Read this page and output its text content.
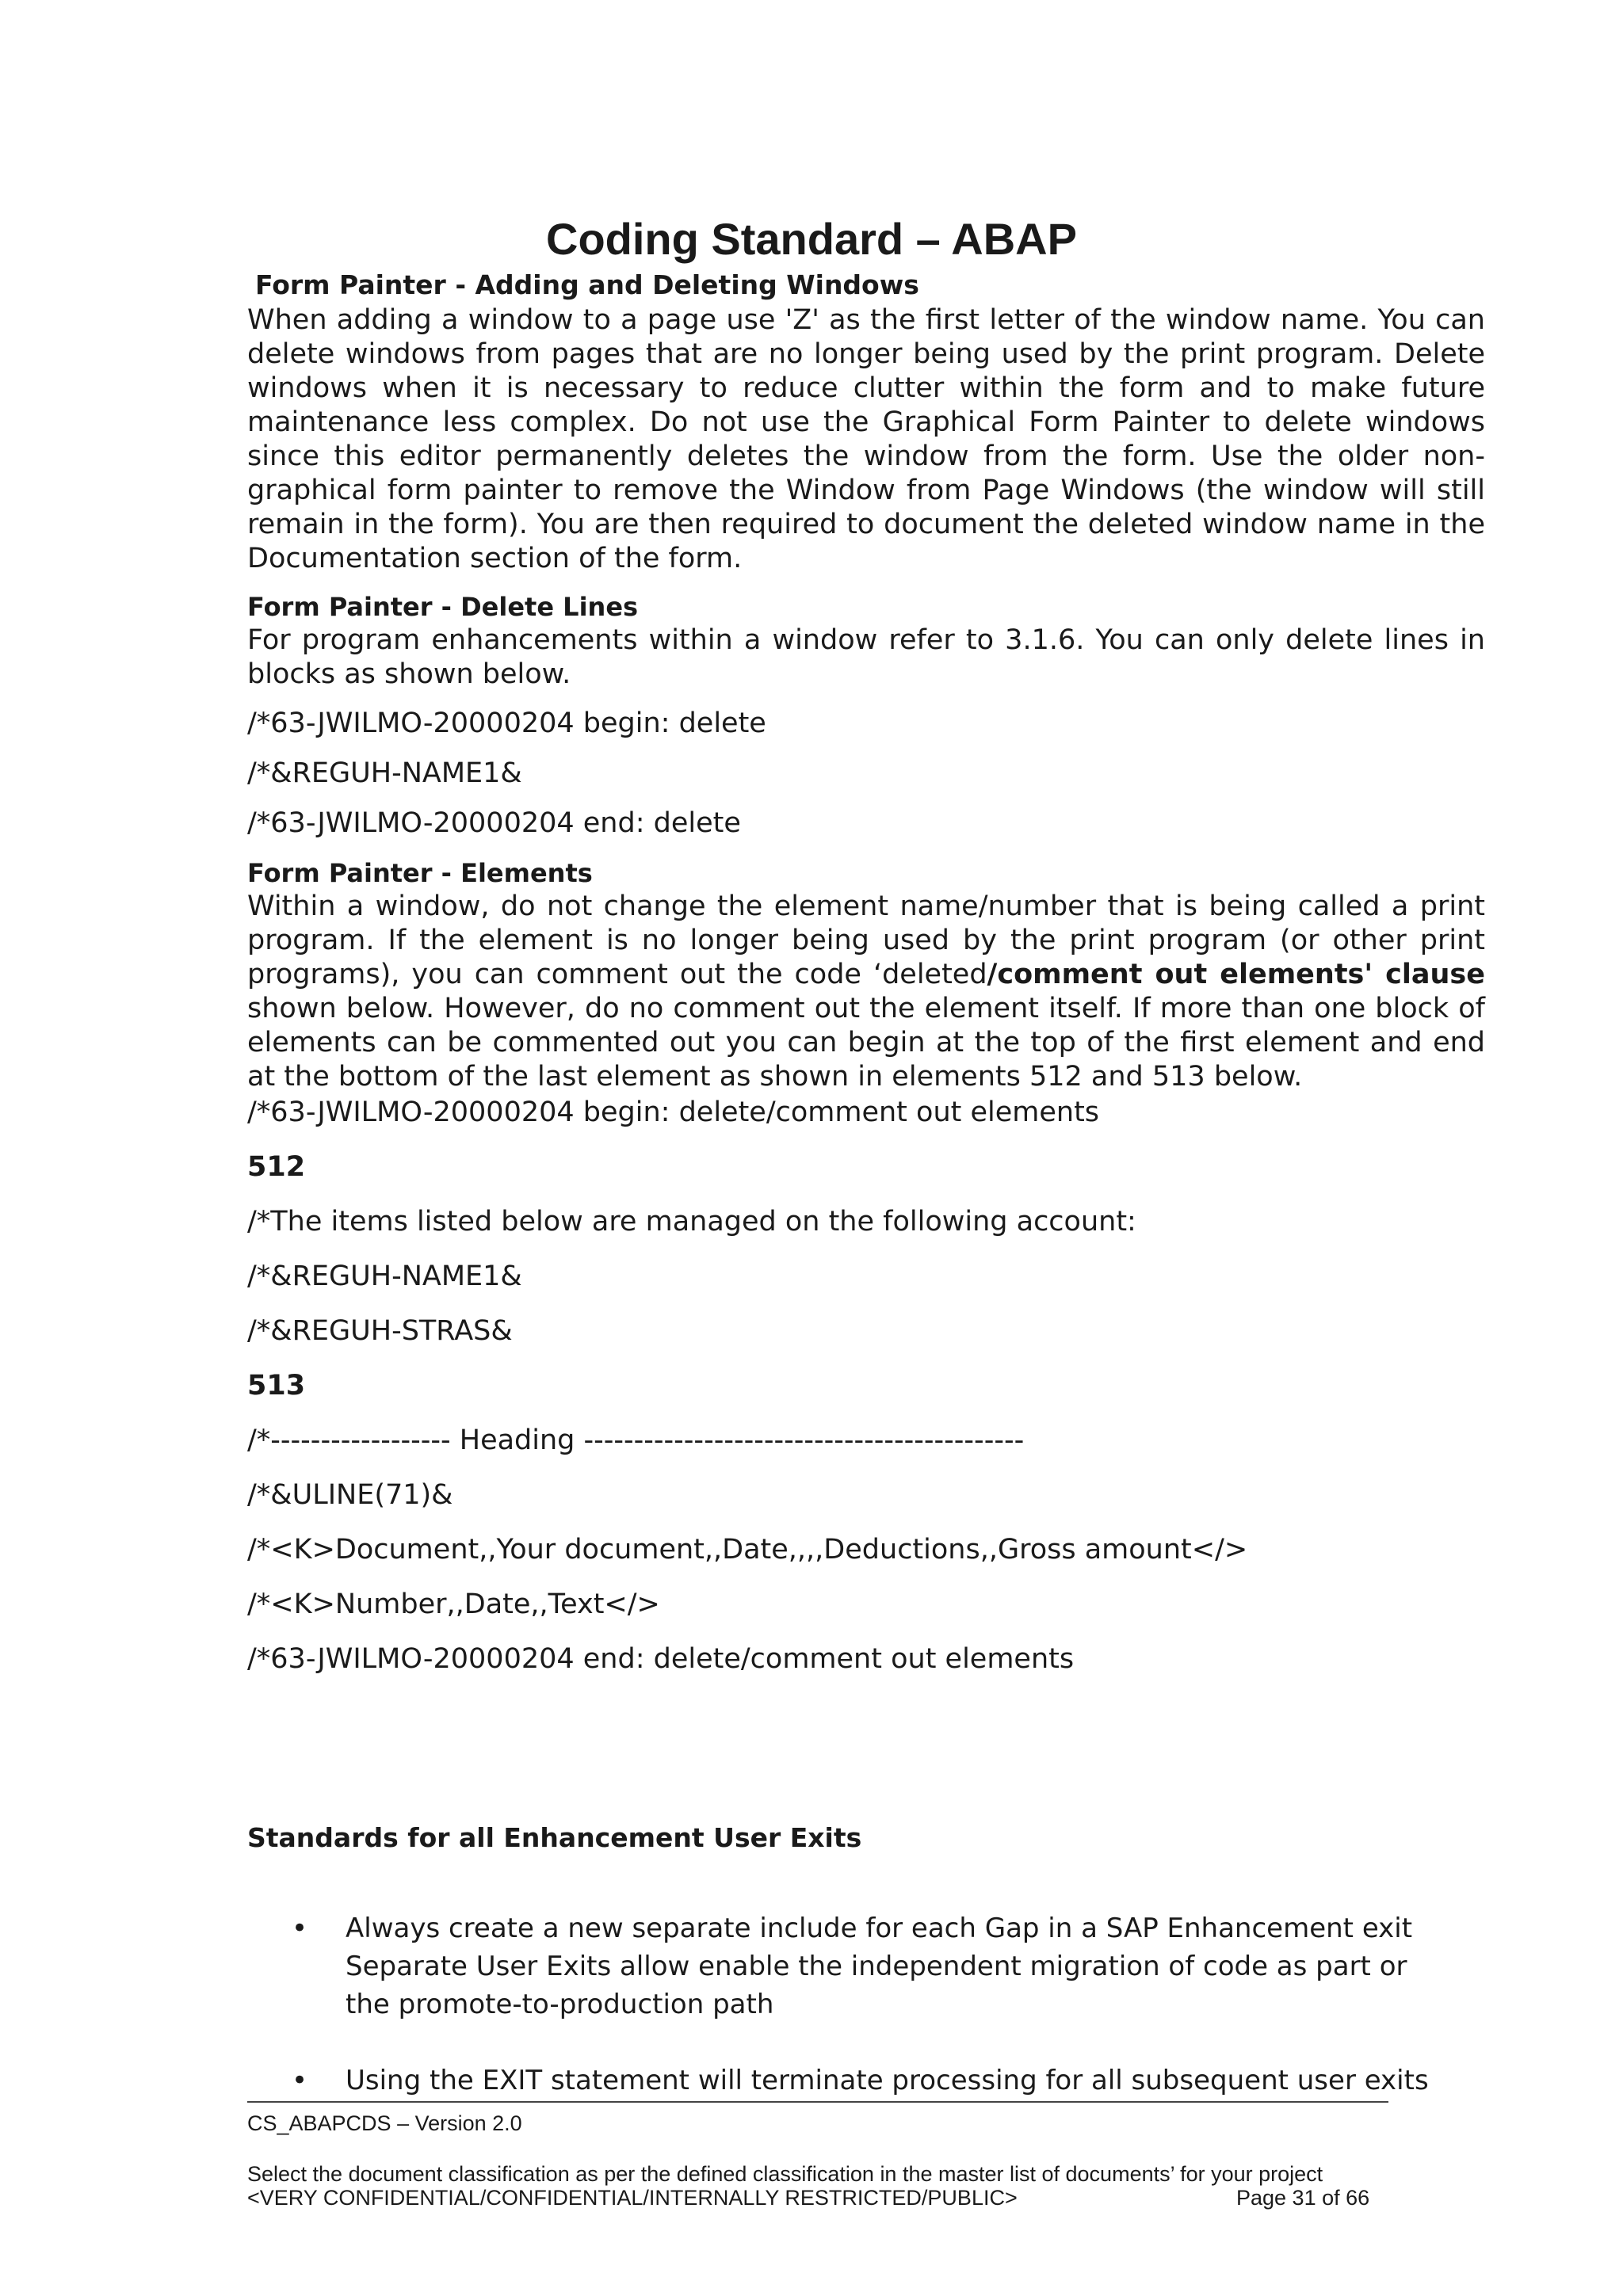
Coding Standard – ABAP
Form Painter - Adding and Deleting Windows

When adding a window to a page use 'Z' as the first letter of the window name. You can delete windows from pages that are no longer being used by the print program. Delete windows when it is necessary to reduce clutter within the form and to make future maintenance less complex. Do not use the Graphical Form Painter to delete windows since this editor permanently deletes the window from the form. Use the older non-graphical form painter to remove the Window from Page Windows (the window will still remain in the form). You are then required to document the deleted window name in the Documentation section of the form.

Form Painter - Delete Lines

For program enhancements within a window refer to 3.1.6. You can only delete lines in blocks as shown below.

/*63-JWILMO-20000204 begin: delete
/*&REGUH-NAME1&
/*63-JWILMO-20000204 end: delete
Form Painter - Elements

Within a window, do not change the element name/number that is being called a print program. If the element is no longer being used by the print program (or other print programs), you can comment out the code ‘deleted/comment out elements' clause shown below. However, do no comment out the element itself. If more than one block of elements can be commented out you can begin at the top of the first element and end at the bottom of the last element as shown in elements 512 and 513 below.

/*63-JWILMO-20000204 begin: delete/comment out elements
512
/*The items listed below are managed on the following account:
/*&REGUH-NAME1&
/*&REGUH-STRAS&
513
/*------------------ Heading --------------------------------------------
/*&ULINE(71)&
/*<K>Document,,Your document,,Date,,,,Deductions,,Gross amount</>
/*<K>Number,,Date,,Text</>
/*63-JWILMO-20000204 end: delete/comment out elements
Standards for all Enhancement User Exits
• Always create a new separate include for each Gap in a SAP Enhancement exit Separate User Exits allow enable the independent migration of code as part or the promote-to-production path
• Using the EXIT statement will terminate processing for all subsequent user exits
CS_ABAPCDS – Version 2.0
Select the document classification as per the defined classification in the master list of documents’ for your project
<VERY CONFIDENTIAL/CONFIDENTIAL/INTERNALLY RESTRICTED/PUBLIC>	Page 31 of 66
